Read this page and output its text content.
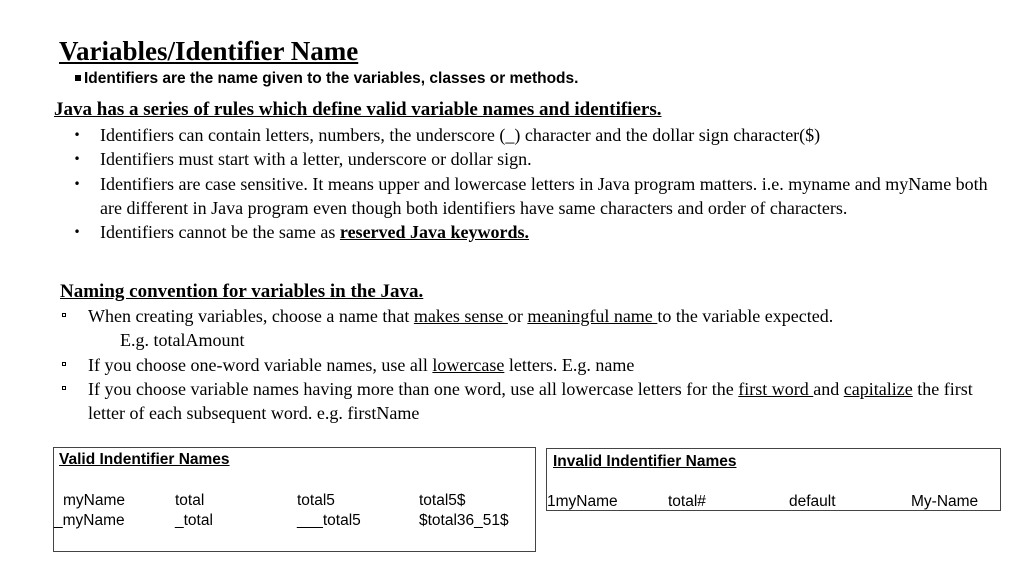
Variables/Identifier Name
Identifiers are the name given to the variables, classes or methods.
Java has a series of rules which define valid variable names and identifiers.
• Identifiers can contain letters, numbers, the underscore (_) character and the dollar sign character($)
• Identifiers must start with a letter, underscore or dollar sign.
• Identifiers are case sensitive. It means upper and lowercase letters in Java program matters. i.e. myname and myName both are different in Java program even though both identifiers have same characters and order of characters.
• Identifiers cannot be the same as reserved Java keywords.
Naming convention for variables in the Java.
When creating variables, choose a name that makes sense or meaningful name to the variable expected.
E.g. totalAmount
If you choose one-word variable names, use all lowercase letters. E.g. name
If you choose variable names having more than one word, use all lowercase letters for the first word and capitalize the first letter of each subsequent word. e.g. firstName
Valid Indentifier Names
myName	total	total5	total5$
_myName	_total	___total5	$total36_51$
Invalid Indentifier Names
1myName	total#	default	My-Name
